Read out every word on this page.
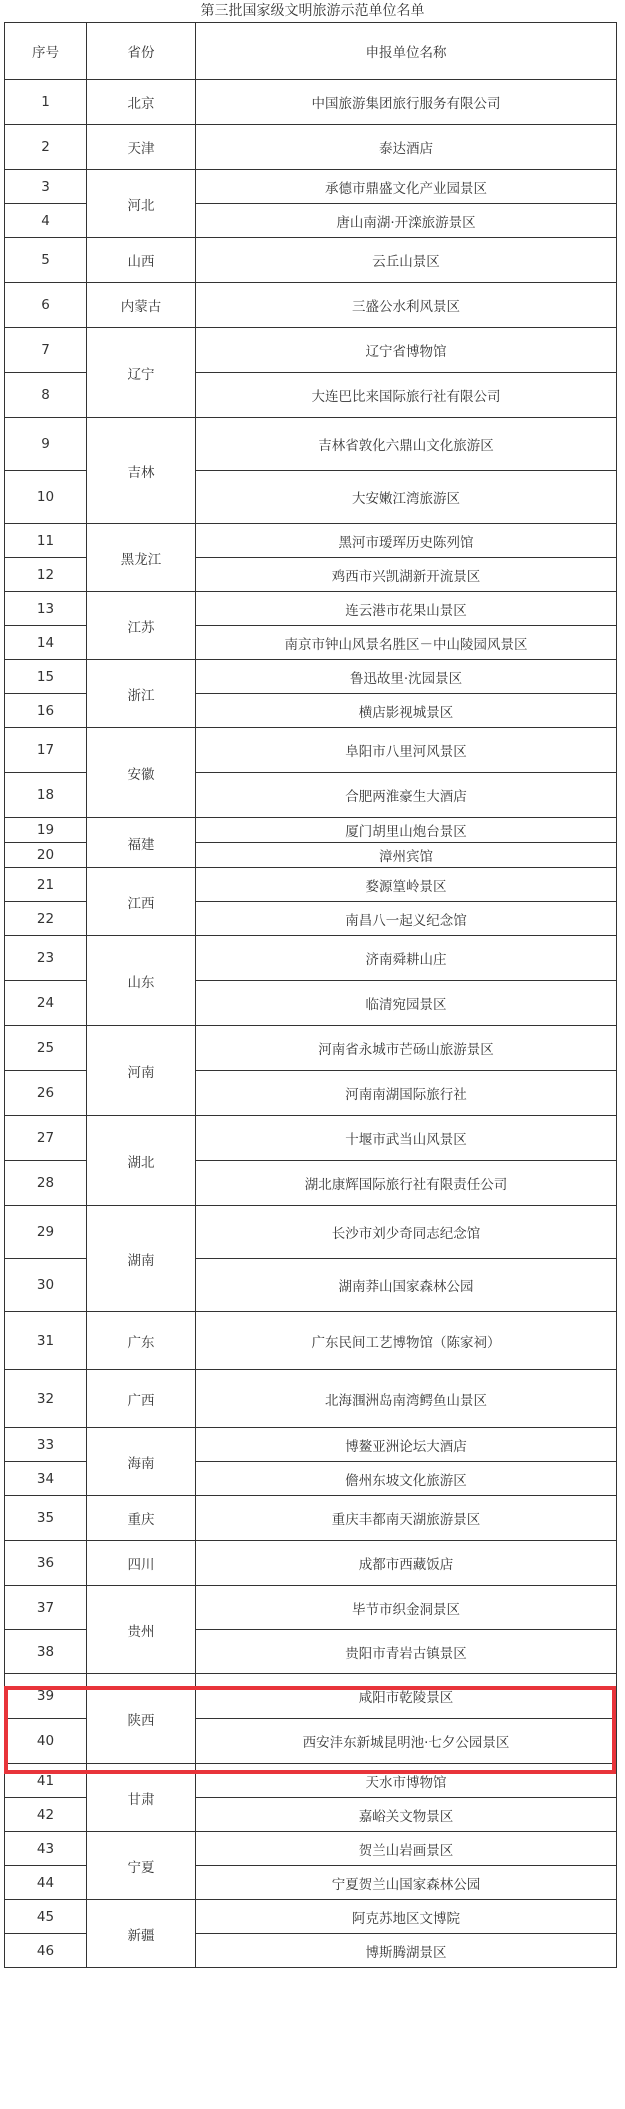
第三批国家级文明旅游示范单位名单
序号	省份	申报单位名称
1	北京	中国旅游集团旅行服务有限公司
2	天津	泰达酒店
3	河北	承德市鼎盛文化产业园景区
4		唐山南湖·开滦旅游景区
5	山西	云丘山景区
6	内蒙古	三盛公水利风景区
7	辽宁	辽宁省博物馆
8		大连巴比来国际旅行社有限公司
9	吉林	吉林省敦化六鼎山文化旅游区
10		大安嫩江湾旅游区
11	黑龙江	黑河市瑷珲历史陈列馆
12		鸡西市兴凯湖新开流景区
13	江苏	连云港市花果山景区
14		南京市钟山风景名胜区－中山陵园风景区
15	浙江	鲁迅故里·沈园景区
16		横店影视城景区
17	安徽	阜阳市八里河风景区
18		合肥两淮豪生大酒店
19	福建	厦门胡里山炮台景区
20		漳州宾馆
21	江西	婺源篁岭景区
22		南昌八一起义纪念馆
23	山东	济南舜耕山庄
24		临清宛园景区
25	河南	河南省永城市芒砀山旅游景区
26		河南南湖国际旅行社
27	湖北	十堰市武当山风景区
28		湖北康辉国际旅行社有限责任公司
29	湖南	长沙市刘少奇同志纪念馆
30		湖南莽山国家森林公园
31	广东	广东民间工艺博物馆（陈家祠）
32	广西	北海涠洲岛南湾鳄鱼山景区
33	海南	博鳌亚洲论坛大酒店
34		儋州东坡文化旅游区
35	重庆	重庆丰都南天湖旅游景区
36	四川	成都市西藏饭店
37	贵州	毕节市织金洞景区
38		贵阳市青岩古镇景区
39	陕西	咸阳市乾陵景区
40		西安沣东新城昆明池·七夕公园景区
41	甘肃	天水市博物馆
42		嘉峪关文物景区
43	宁夏	贺兰山岩画景区
44		宁夏贺兰山国家森林公园
45	新疆	阿克苏地区文博院
46		博斯腾湖景区
